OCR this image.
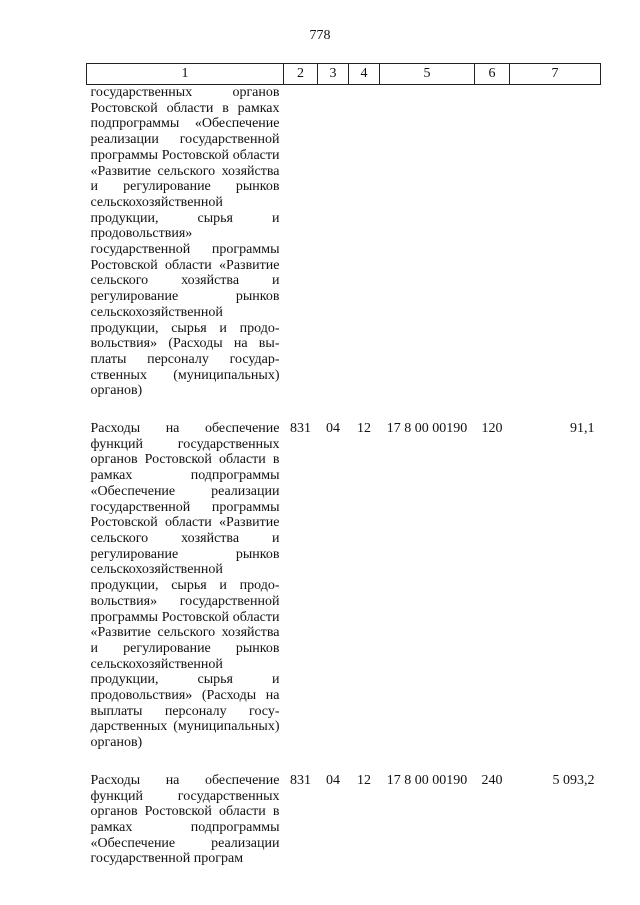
778
1	2	3	4	5	6	7
государственных органов Ростовской области в рамках подпрограммы «Обеспечение реализации государственной программы Ростовской области «Развитие сельского хозяйства и регулирование рынков сельскохозяйственной продукции, сырья и продовольствия» государственной программы Ростовской области «Развитие сельского хозяйства и регулирование рынков сельскохозяйственной продукции, сырья и продовольствия» (Расходы на выплаты персоналу государственных (муниципальных) органов)						
Расходы на обеспечение функций государственных органов Ростовской области в рамках подпрограммы «Обеспечение реализации государственной программы Ростовской области «Развитие сельского хозяйства и регулирование рынков сельскохозяйственной продукции, сырья и продовольствия» государственной программы Ростовской области «Развитие сельского хозяйства и регулирование рынков сельскохозяйственной продукции, сырья и продовольствия» (Расходы на выплаты персоналу государственных (муниципальных) органов)	831	04	12	17 8 00 00190	120	91,1
Расходы на обеспечение функций государственных органов Ростовской области в рамках подпрограммы «Обеспечение реализации государственной програм	831	04	12	17 8 00 00190	240	5 093,2
